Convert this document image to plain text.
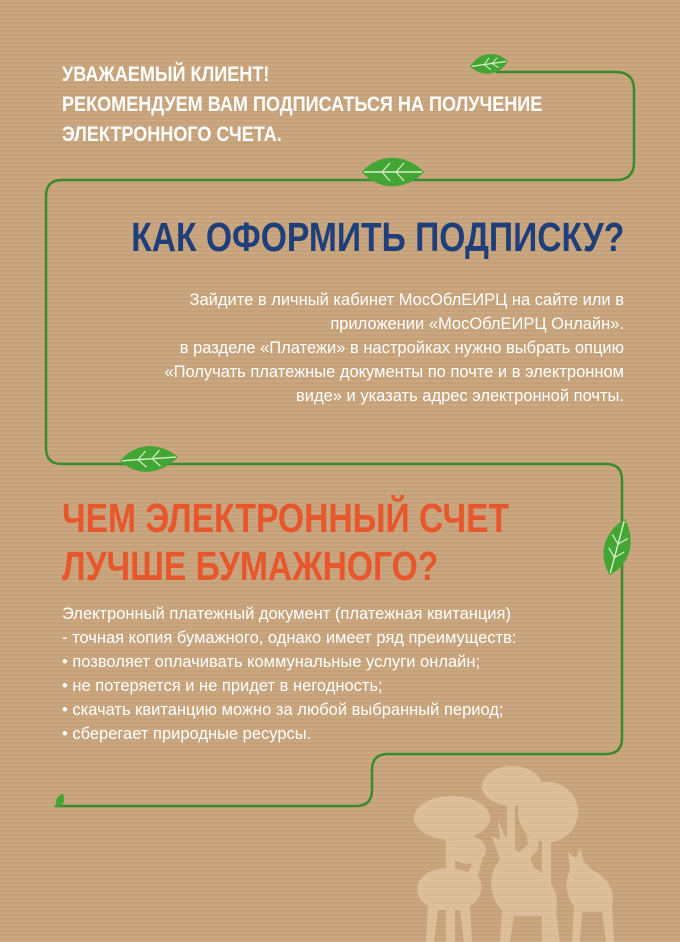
УВАЖАЕМЫЙ КЛИЕНТ!
РЕКОМЕНДУЕМ ВАМ ПОДПИСАТЬСЯ НА ПОЛУЧЕНИЕ
ЭЛЕКТРОННОГО СЧЕТА.
КАК ОФОРМИТЬ ПОДПИСКУ?
Зайдите в личный кабинет МосОблЕИРЦ на сайте или в
приложении «МосОблЕИРЦ Онлайн».
в разделе «Платежи» в настройках нужно выбрать опцию
«Получать платежные документы по почте и в электронном
виде» и указать адрес электронной почты.
ЧЕМ ЭЛЕКТРОННЫЙ СЧЕТ
ЛУЧШЕ БУМАЖНОГО?
Электронный платежный документ (платежная квитанция)
- точная копия бумажного, однако имеет ряд преимуществ:
• позволяет оплачивать коммунальные услуги онлайн;
• не потеряется и не придет в негодность;
• скачать квитанцию можно за любой выбранный период;
• сберегает природные ресурсы.
